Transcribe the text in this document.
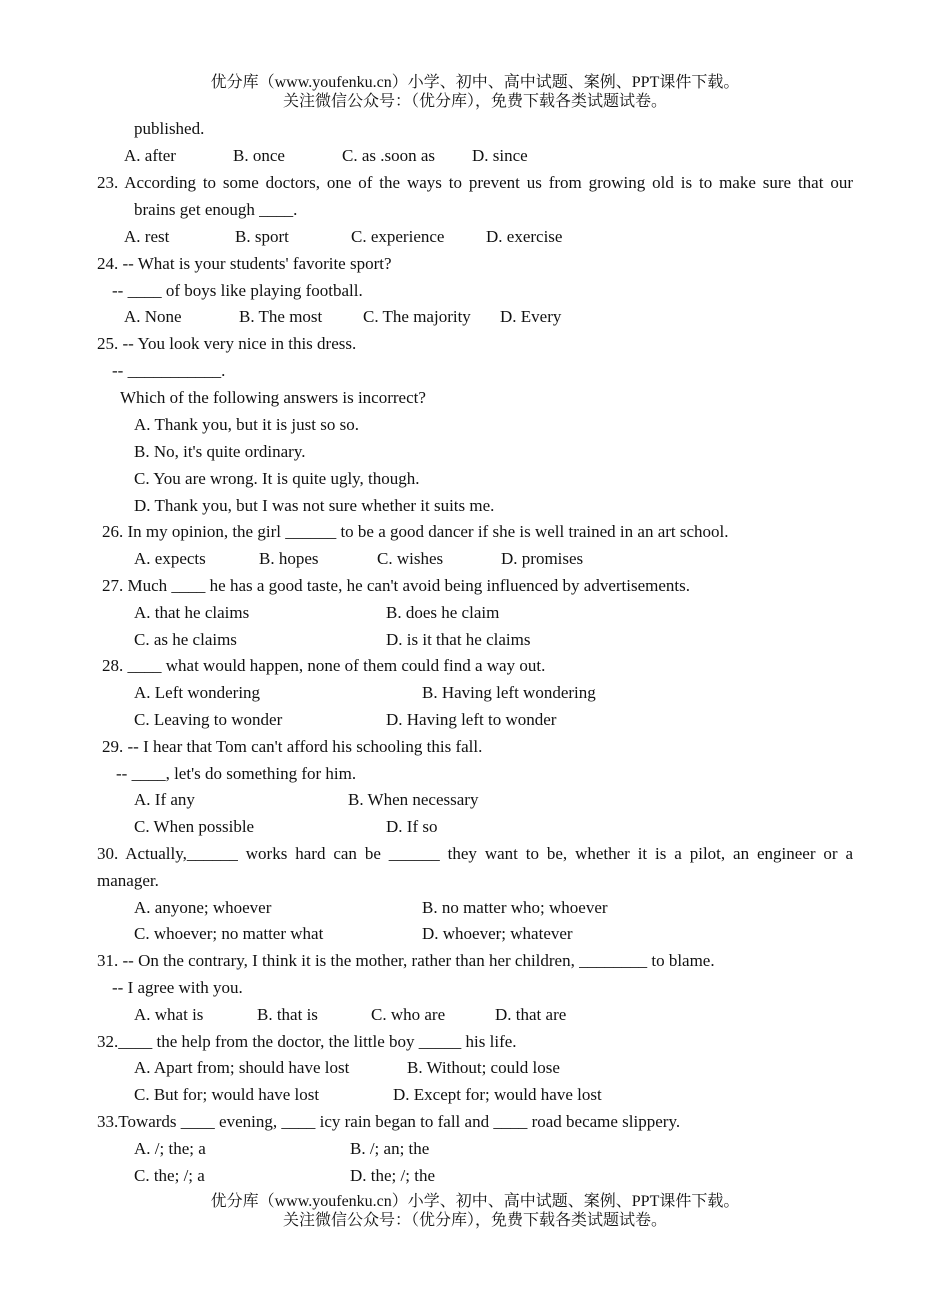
优分库（www.youfenku.cn）小学、初中、高中试题、案例、PPT课件下载。
关注微信公众号：（优分库），免费下载各类试题试卷。
published.
A. after	B. once	C. as .soon as D. since
23. According to some doctors, one of the ways to prevent us from growing old is to make sure that our
brains get enough ____.
A. rest	B. sport	C. experience D. exercise
24. -- What is your students' favorite sport?
-- ____ of boys like playing football.
A. None	B. The most C. The majority D. Every
25. -- You look very nice in this dress.
-- ___________.
Which of the following answers is incorrect?
A. Thank you, but it is just so so.
B. No, it's quite ordinary.
C. You are wrong. It is quite ugly, though.
D. Thank you, but I was not sure whether it suits me.
26. In my opinion, the girl ______ to be a good dancer if she is well trained in an art school.
A. expects	B. hopes	C. wishes	D. promises
27. Much ____ he has a good taste, he can't avoid being influenced by advertisements.
A. that he claims	B. does he claim
C. as he claims	D. is it that he claims
28. ____ what would happen, none of them could find a way out.
A. Left wondering	B. Having left wondering
C. Leaving to wonder	D. Having left to wonder
29. -- I hear that Tom can't afford his schooling this fall.
-- ____, let's do something for him.
A. If any	B. When necessary
C. When possible	D. If so
30. Actually,______ works hard can be ______ they want to be, whether it is a pilot, an engineer or a
manager.
A. anyone; whoever	B. no matter who; whoever
C. whoever; no matter what	D. whoever; whatever
31. -- On the contrary, I think it is the mother, rather than her children, ________ to blame.
-- I agree with you.
A. what is	B. that is	C. who are	D. that are
32.____ the help from the doctor, the little boy _____ his life.
A. Apart from; should have lost	B. Without; could lose
C. But for; would have lost	D. Except for; would have lost
33.Towards ____ evening, ____ icy rain began to fall and ____ road became slippery.
A. /; the; a	B. /; an; the
C. the; /; a	D. the; /; the
优分库（www.youfenku.cn）小学、初中、高中试题、案例、PPT课件下载。
关注微信公众号：（优分库），免费下载各类试题试卷。
